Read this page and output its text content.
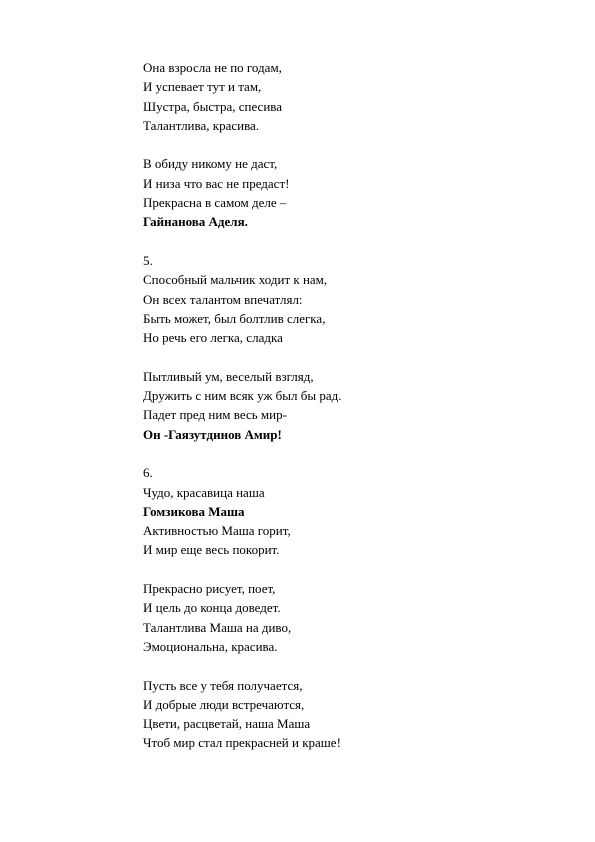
Она взросла не по годам,
И успевает тут и там,
Шустра, быстра, спесива
Талантлива, красива.
В обиду никому не даст,
И низа что вас не предаст!
Прекрасна в самом деле –
Гайнанова Аделя.
5.
Способный мальчик ходит к нам,
Он всех талантом впечатлял:
Быть может, был болтлив слегка,
Но речь его легка, сладка
Пытливый ум, веселый взгляд,
Дружить с ним всяк уж был бы рад.
Падет пред ним весь мир-
Он -Гаязутдинов Амир!
6.
Чудо, красавица наша
Гомзикова Маша
Активностью Маша горит,
И мир еще весь покорит.
Прекрасно рисует, поет,
И цель до конца доведет.
Талантлива Маша на диво,
Эмоциональна, красива.
Пусть все у тебя получается,
И добрые люди встречаются,
Цвети, расцветай, наша Маша
Чтоб мир стал прекрасней и краше!
